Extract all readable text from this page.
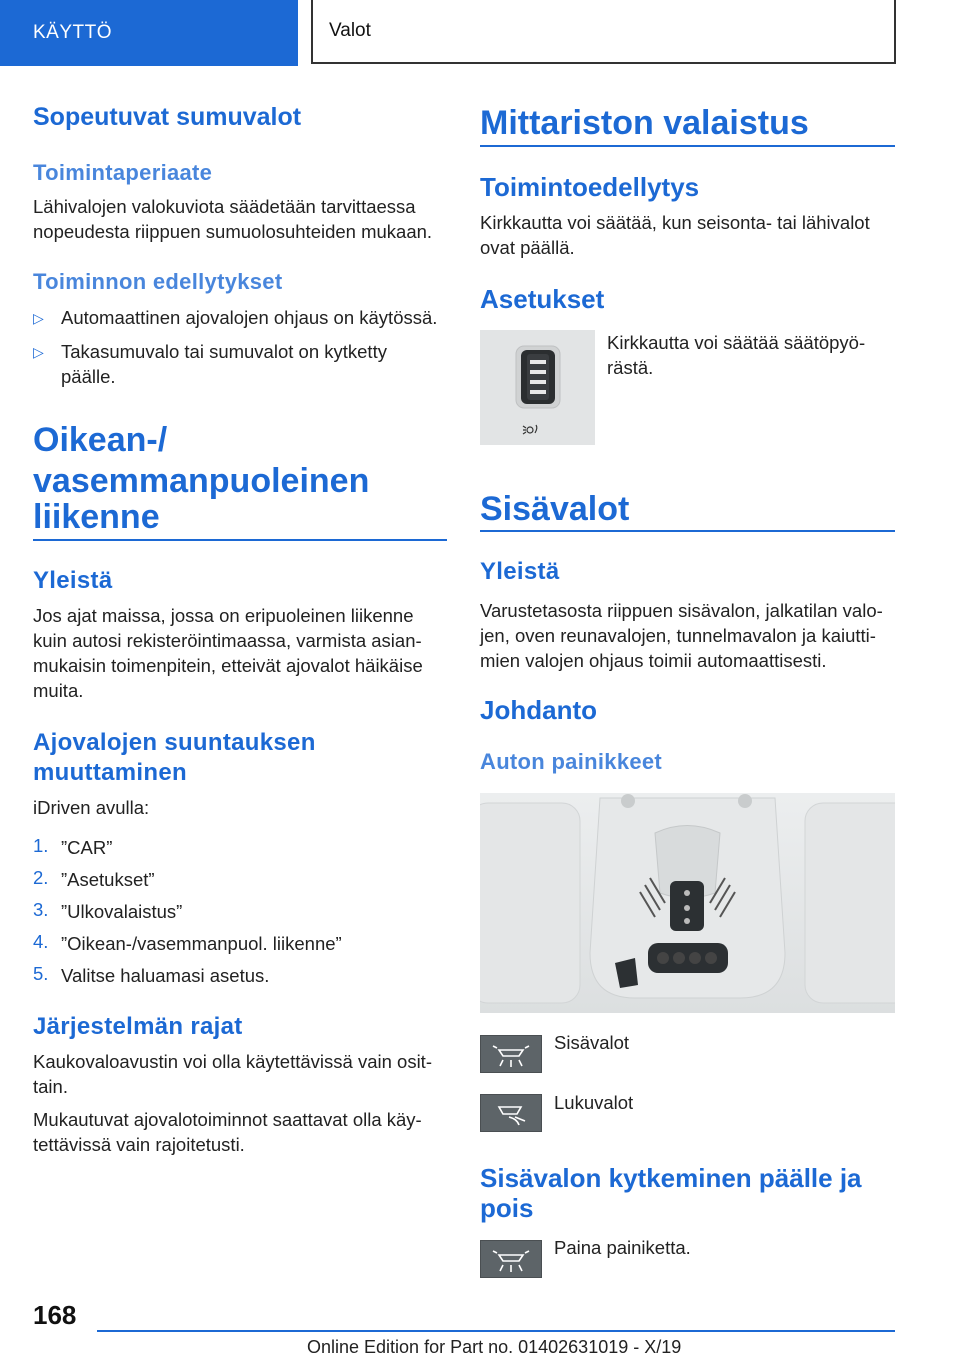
KÄYTTÖ	Valot
Sopeutuvat sumuvalot
Toimintaperiaate
Lähivalojen valokuviota säädetään tarvittaessa
nopeudesta riippuen sumuolosuhteiden mukaan.
Toiminnon edellytykset
▷ Automaattinen ajovalojen ohjaus on käytössä.
▷ Takasumuvalo tai sumuvalot on kytketty
päälle.
Oikean-/
vasemmanpuoleinen
liikenne
Yleistä
Jos ajat maissa, jossa on eripuoleinen liikenne
kuin autosi rekisteröintimaassa, varmista asian-
mukaisin toimenpitein, etteivät ajovalot häikäise
muita.
Ajovalojen suuntauksen
muuttaminen
iDriven avulla:
1. ”CAR”
2. ”Asetukset”
3. ”Ulkovalaistus”
4. ”Oikean-/vasemmanpuol. liikenne”
5. Valitse haluamasi asetus.
Järjestelmän rajat
Kaukovaloavustin voi olla käytettävissä vain osit-
tain.
Mukautuvat ajovalotoiminnot saattavat olla käy-
tettävissä vain rajoitetusti.
Mittariston valaistus
Toimintoedellytys
Kirkkautta voi säätää, kun seisonta- tai lähivalot
ovat päällä.
Asetukset
Kirkkautta voi säätää säätöpyö-
rästä.
Sisävalot
Yleistä
Varustetasosta riippuen sisävalon, jalkatilan valo-
jen, oven reunavalojen, tunnelmavalon ja kaiutti-
mien valojen ohjaus toimii automaattisesti.
Johdanto
Auton painikkeet
Sisävalot
Lukuvalot
Sisävalon kytkeminen päälle ja
pois
Paina painiketta.
168
Online Edition for Part no. 01402631019 - X/19
